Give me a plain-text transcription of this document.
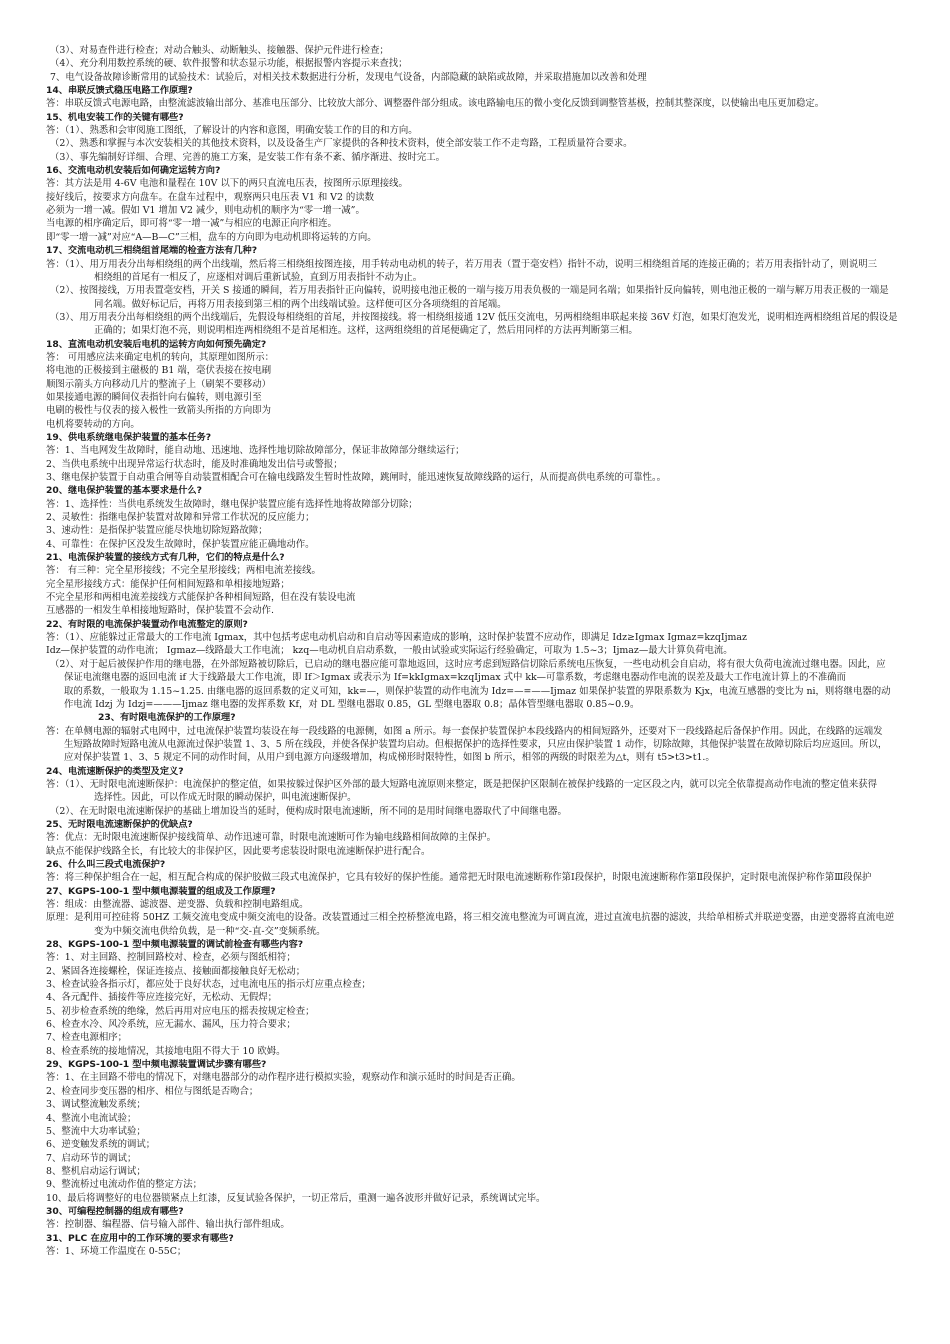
（3）、对易查件进行检查；对动合触头、动断触头、接触器、保护元件进行检查；
（4）、充分利用数控系统的硬、软件报警和状态显示功能，根据报警内容提示来查找；
7、电气设备故障诊断常用的试验技术：试验后，对相关技术数据进行分析，发现电气设备，内部隐藏的缺陷或故障，并采取措施加以改善和处理
14、串联反馈式稳压电路工作原理?
答：串联反馈式电源电路，由整流滤波输出部分、基准电压部分、比较放大部分、调整器件部分组成。该电路输电压的微小变化反馈到调整管基极，控制其整深度，以使输出电压更加稳定。
15、机电安装工作的关键有哪些?
答：（1）、熟悉和会审阅施工图纸，了解设计的内容和意图，明确安装工作的目的和方向。
（2）、熟悉和掌握与本次安装相关的其他技术资料，以及设备生产厂家提供的各种技术资料，使全部安装工作不走弯路，工程质量符合要求。
（3）、事先编制好详细、合理、完善的施工方案，是安装工作有条不紊、循序渐进、按时完工。
16、交流电动机安装后如何确定运转方向?
答：其方法是用 4-6V 电池和量程在 10V 以下的两只直流电压表，按图所示原理接线。
接好线后，按要求方向盘车。在盘车过程中，观察两只电压表 V1 和 V2 的读数
必须为一增一减。假如 V1 增加 V2 减少，则电动机的顺序为“零一增一减”。
当电源的相序确定后，即可将“零一增一减”与相应的电源正向序相连。
即“零一增一减”对应“A—B—C”三相，盘车的方向即为电动机即将运转的方向。
17、交流电动机三相绕组首尾端的检查方法有几种?
答：（1）、用万用表分出每相绕组的两个出线端，然后将三相绕组按图连接，用手转动电动机的转子，若万用表（置于毫安档）指针不动，说明三相绕组首尾的连接正确的；若万用表指针动了，则说明三
相绕组的首尾有一相反了，应逐相对调后重新试验，直到万用表指针不动为止。
（2）、按图接线，万用表置毫安档，开关 S 接通的瞬间，若万用表指针正向偏转，说明接电池正极的一端与接万用表负极的一端是同名端；如果指针反向偏转，则电池正极的一端与解万用表正极的一端是
同名端。做好标记后，再将万用表接到第三相的两个出线端试验。这样便可区分各项绕组的首尾端。
（3）、用万用表分出每相绕组的两个出线端后，先假设每相绕组的首尾，并按图接线。将一相绕组接通 12V 低压交流电，另两相绕组串联起来接 36V 灯泡，如果灯泡发光，说明相连两相绕组首尾的假设是
正确的；如果灯泡不亮，则说明相连两相绕组不是首尾相连。这样，这两组绕组的首尾便确定了，然后用同样的方法再判断第三相。
18、直流电动机安装后电机的运转方向如何预先确定?
答： 可用感应法来确定电机的转向，其原理如图所示：
将电池的正极接到主磁极的 B1 端，毫伏表接在按电刷
顺图示箭头方向移动几片的整流子上（刷架不要移动）
如果接通电源的瞬间仪表指针向右偏转，则电源引至
电刷的极性与仪表的接入极性一致箭头所指的方向即为
电机将要转动的方向。
19、供电系统继电保护装置的基本任务?
答：1、当电网发生故障时，能自动地、迅速地、选择性地切除故障部分，保证非故障部分继续运行；
2、当供电系统中出现异常运行状态时，能及时准确地发出信号或警报；
3、继电保护装置于自动重合闸等自动装置相配合可在输电线路发生暂时性故障，跳闸时，能迅速恢复故障线路的运行，从而提高供电系统的可靠性。。
20、继电保护装置的基本要求是什么?
答：1、选择性：当供电系统发生故障时，继电保护装置应能有选择性地将故障部分切除；
2、灵敏性：指继电保护装置对故障和异常工作状况的反应能力；
3、速动性：是指保护装置应能尽快地切除短路故障；
4、可靠性：在保护区没发生故障时，保护装置应能正确地动作。
21、电流保护装置的接线方式有几种，它们的特点是什么?
答： 有三种：完全星形接线；不完全星形接线；两相电流差接线。
完全星形接线方式：能保护任何相间短路和单相接地短路；
不完全星形和两相电流差接线方式能保护各种相间短路，但在没有装设电流
互感器的一相发生单相接地短路时，保护装置不会动作.
22、有时限的电流保护装置动作电流整定的原则?
答：（1）、应能躲过正常最大的工作电流 Igmax，其中包括考虑电动机启动和自启动等因素造成的影响，这时保护装置不应动作，即满足 Idz≥Igmax Igmaz=kzqIjmaz
Idz—保护装置的动作电流； Igmaz—线路最大工作电流； kzq—电动机自启动系数，一般由试验或实际运行经验确定，可取为 1.5~3；Ijmaz—最大计算负荷电流。
（2）、对于起后被保护作用的继电器，在外部短路被切除后，已启动的继电器应能可靠地返回，这时应考虑到短路信切除后系统电压恢复，一些电动机会自启动，将有很大负荷电流流过继电器。因此，应
保证电流继电器的返回电流 if 大于线路最大工作电流，即 If＞Igmax 或表示为 If=kkIgmax=kzqIjmax 式中 kk—可靠系数，考虑继电器动作电流的误差及最大工作电流计算上的不准确而
取的系数，一般取为 1.15~1.25. 由继电器的返回系数的定义可知，kk=—，则保护装置的动作电流为 Idz=—=——Ijmaz 如果保护装置的界限系数为 Kjx，电流互感器的变比为 ni，则将继电器的动
作电流 Idzj 为 Idzj=———Ijmaz 继电器的发挥系数 Kf，对 DL 型继电器取 0.85，GL 型继电器取 0.8；晶体管型继电器取 0.85~0.9。
23、有时限电流保护的工作原理?
答：在单侧电源的辐射式电网中，过电流保护装置均装设在每一段线路的电源侧，如图 a 所示。每一套保护装置保护本段线路内的相间短路外，还要对下一段线路起后备保护作用。因此，在线路的远端发
生短路故障时短路电流从电源流过保护装置 1、3、5 所在线段，并使各保护装置均启动。但根据保护的选择性要求，只应由保护装置 1 动作，切除故障，其他保护装置在故障切除后均应返回。所以，
应对保护装置 1、3、5 规定不同的动作时间，从用户到电源方向逐级增加，构成梯形时限特性，如图 b 所示，相邻的两级的时限差为△t，则有 t5>t3>t1.。
24、电流速断保护的类型及定义?
答：（1）、无时限电流速断保护：电流保护的整定值，如果按躲过保护区外部的最大短路电流原则来整定，既是把保护区限制在被保护线路的一定区段之内，就可以完全依靠提高动作电流的整定值来获得
选择性。因此，可以作成无时限的瞬动保护，叫电流速断保护。
（2）、在无时限电流速断保护的基础上增加设当的延时，便构成时限电流速断，所不同的是用时间继电器取代了中间继电器。
25、无时限电流速断保护的优缺点?
答：优点：无时限电流速断保护接线简单、动作迅速可靠，时限电流速断可作为输电线路相间故障的主保护。
缺点不能保护线路全长，有比较大的非保护区，因此要考虑装设时限电流速断保护进行配合。
26、什么叫三段式电流保护?
答：将三种保护组合在一起，相互配合构成的保护胶做三段式电流保护，它具有较好的保护性能。通常把无时限电流速断称作第Ⅰ段保护，时限电流速断称作第Ⅱ段保护，定时限电流保护称作第Ⅲ段保护
27、KGPS-100-1 型中频电源装置的组成及工作原理?
答：组成：由整流器、滤波器、逆变器、负载和控制电路组成。
原理：是利用可控硅将 50HZ 工频交流电变成中频交流电的设备。改装置通过三相全控桥整流电路，将三相交流电整流为可调直流，进过直流电抗器的滤波，共给单相桥式并联逆变器，由逆变器将直流电逆
变为中频交流电供给负载，是一种“交-直-交”变频系统。
28、KGPS-100-1 型中频电源装置的调试前检查有哪些内容?
答：1、对主回路、控制回路校对、检查，必须与图纸相符；
2、紧固各连接螺栓，保证连接点、接触面都接触良好无松动；
3、检查试验各指示灯，都应处于良好状态，过电流电压的指示灯应重点检查；
4、各元配件、插接件等应连接完好，无松动、无假焊；
5、初步检查系统的绝缘，然后再用对应电压的摇表按规定检查；
6、检查水冷、风冷系统，应无漏水、漏风，压力符合要求；
7、检查电源相序；
8、检查系统的接地情况，其接地电阻不得大于 10 欧姆。
29、KGPS-100-1 型中频电源装置调试步骤有哪些?
答：1、在主回路不带电的情况下，对继电器部分的动作程序进行模拟实验，观察动作和演示延时的时间是否正确。
2、检查同步变压器的相序、相位与图纸是否吻合；
3、调试整流触发系统；
4、整流小电流试验；
5、整流中大功率试验；
6、逆变触发系统的调试；
7、启动环节的调试；
8、整机启动运行调试；
9、整流桥过电流动作值的整定方法；
10、最后将调整好的电位器锁紧点上红漆，反复试验各保护，一切正常后，重测一遍各波形并做好记录，系统调试完毕。
30、可编程控制器的组成有哪些?
答：控制器、编程器、信号输入部件、输出执行部件组成。
31、PLC 在应用中的工作环境的要求有哪些?
答：1、环境工作温度在 0-55C；
